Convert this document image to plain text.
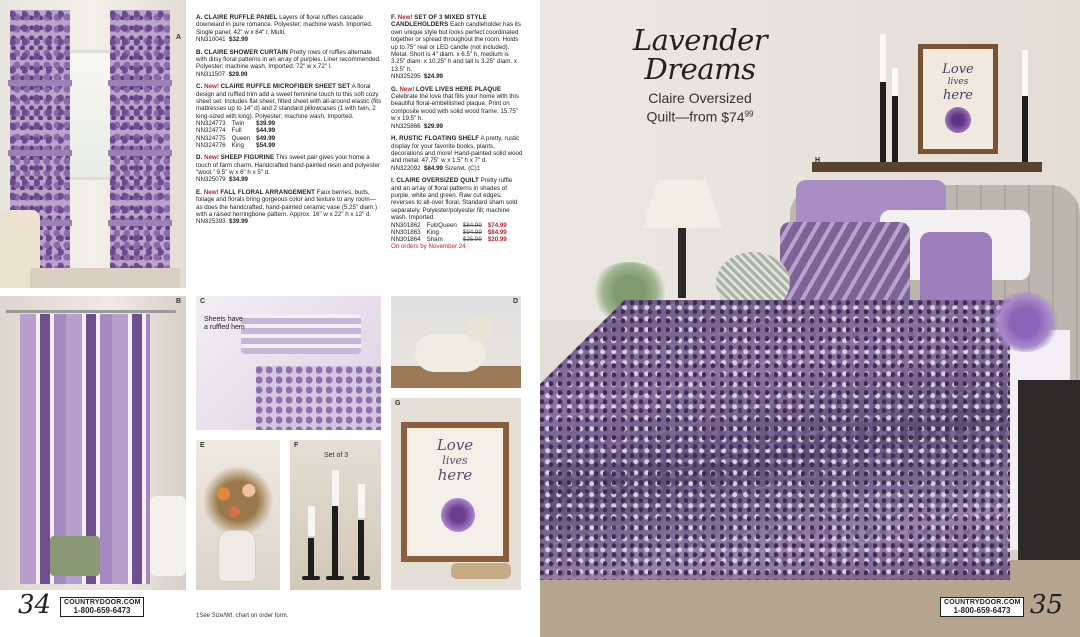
A
B
Sheets have
a ruffled hem
C	D
Love
lives
here
G
E
Set of 3
F
A. CLAIRE RUFFLE PANEL Layers of floral ruffles cascade downward in pure romance. Polyester; machine wash. Imported. Single panel; 42" w x 84" l. Multi.
NN310041 $32.99
B. CLAIRE SHOWER CURTAIN Pretty rows of ruffles alternate with ditsy floral patterns in an array of purples. Liner recommended. Polyester; machine wash. Imported. 72" w x 72" l.
NN311507 $29.99
C. New! CLAIRE RUFFLE MICROFIBER SHEET SET A floral design and ruffled trim add a sweet feminine touch to this soft cozy sheet set. Includes flat sheet, fitted sheet with all-around elastic (fits mattresses up to 14" d) and 2 standard pillowcases (1 with twin, 2 king-sized with king). Polyester; machine wash. Imported.
NN324773	Twin	$39.99
NN324774	Full	$44.99
NN324775	Queen	$49.99
NN324776	King	$54.99
D. New! SHEEP FIGURINE This sweet pair gives your home a touch of farm charm. Handcrafted hand-painted resin and polyester "wool." 9.5" w x 6" h x 5" d.
NN325079 $34.99
E. New! FALL FLORAL ARRANGEMENT Faux berries, buds, foliage and florals bring gorgeous color and texture to any room—as does the handcrafted, hand-painted ceramic vase (5.25" diam.) with a raised herringbone pattern. Approx. 16" w x 22" h x 12" d.
NN325393 $39.99
F. New! SET OF 3 MIXED STYLE CANDLEHOLDERS Each candleholder has its own unique style but looks perfect coordinated together or spread throughout the room. Holds up to.75" real or LED candle (not included). Metal. Short is 4" diam. x 6.5" h, medium is 3.25" diam. x 10.25" h and tall is 3.25" diam. x 13.5" h.
NN325295 $24.99
G. New! LOVE LIVES HERE PLAQUE Celebrate the love that fills your home with this beautiful floral-embellished plaque. Print on composite wood with solid wood frame. 15.75" w x 19.5" h.
NN325866 $29.99
H. RUSTIC FLOATING SHELF A pretty, rustic display for your favorite books, plants, decorations and more! Hand-painted solid wood and metal. 47.75" w x 1.5" h x 7" d.
NN322092 $84.99 Size/wt. (C)‡
I. CLAIRE OVERSIZED QUILT Pretty ruffle and an array of floral patterns in shades of purple, white and green. Raw cut edges; reverses to all-over floral. Standard sham sold separately. Polyester/polyester fill; machine wash. Imported.
NN301862	Full/Queen	$84.99	$74.99
NN301863	King	$94.99	$84.99
NN301864	Sham	$25.99	$20.99
On orders by November 24
34 COUNTRYDOOR.COM
1-800-659-6473
‡See Size/Wt. chart on order form.
Love
lives
here
Lavender
Dreams
Claire Oversized
Quilt—from $\$74^{99}$
H
I
COUNTRYDOOR.COM
1-800-659-6473 35
